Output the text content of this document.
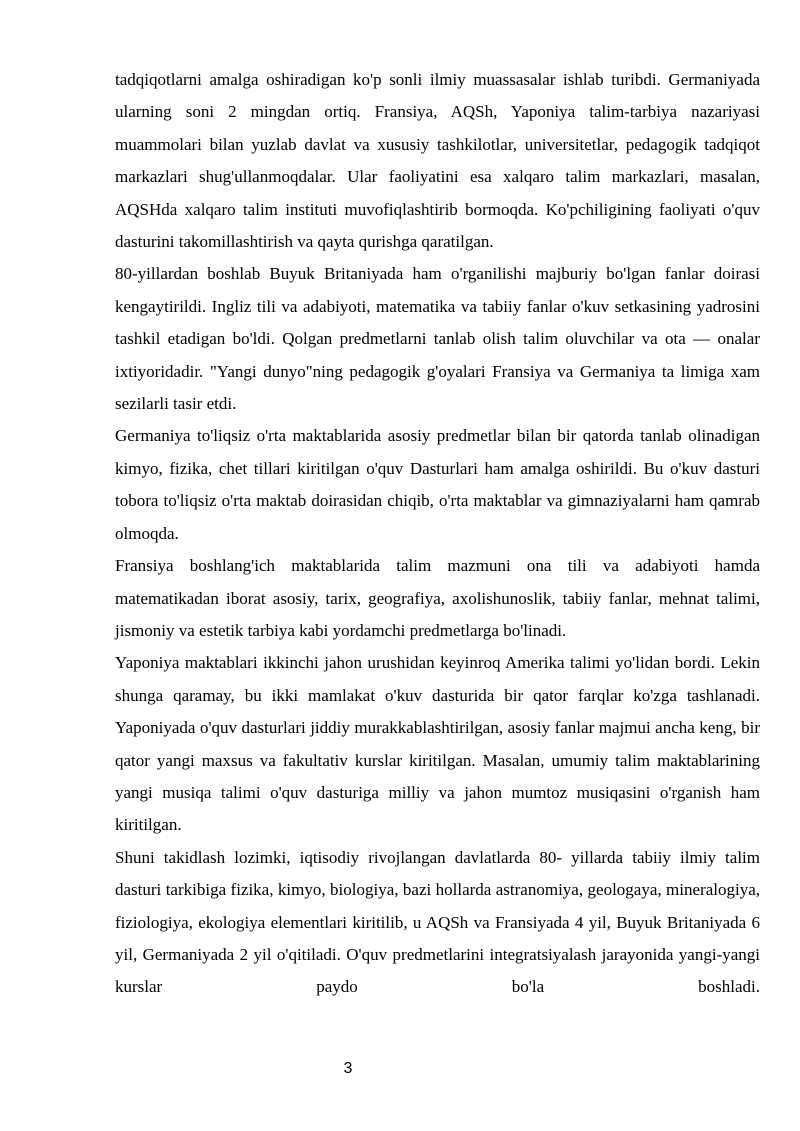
tadqiqotlarni amalga oshiradigan ko'p sonli ilmiy muassasalar ishlab turibdi. Germaniyada ularning soni 2 mingdan ortiq. Fransiya, AQSh, Yaponiya talim-tarbiya nazariyasi muammolari bilan yuzlab davlat va xususiy tashkilotlar, universitetlar, pedagogik tadqiqot markazlari shug'ullanmoqdalar. Ular faoliyatini esa xalqaro talim markazlari, masalan, AQSHda xalqaro talim instituti muvofiqlashtirib bormoqda. Ko'pchiligining faoliyati o'quv dasturini takomillashtirish va qayta qurishga qaratilgan.

80-yillardan boshlab Buyuk Britaniyada ham o'rganilishi majburiy bo'lgan fanlar doirasi kengaytirildi. Ingliz tili va adabiyoti, matematika va tabiiy fanlar o'kuv setkasining yadrosini tashkil etadigan bo'ldi. Qolgan predmetlarni tanlab olish talim oluvchilar va ota — onalar ixtiyoridadir. "Yangi dunyo"ning pedagogik g'oyalari Fransiya va Germaniya ta limiga xam sezilarli tasir etdi.

Germaniya to'liqsiz o'rta maktablarida asosiy predmetlar bilan bir qatorda tanlab olinadigan kimyo, fizika, chet tillari kiritilgan o'quv Dasturlari ham amalga oshirildi. Bu o'kuv dasturi tobora to'liqsiz o'rta maktab doirasidan chiqib, o'rta maktablar va gimnaziyalarni ham qamrab olmoqda.

Fransiya boshlang'ich maktablarida talim mazmuni ona tili va adabiyoti hamda matematikadan iborat asosiy, tarix, geografiya, axolishunoslik, tabiiy fanlar, mehnat talimi, jismoniy va estetik tarbiya kabi yordamchi predmetlarga bo'linadi.

Yaponiya maktablari ikkinchi jahon urushidan keyinroq Amerika talimi yo'lidan bordi. Lekin shunga qaramay, bu ikki mamlakat o'kuv dasturida bir qator farqlar ko'zga tashlanadi. Yaponiyada o'quv dasturlari jiddiy murakkablashtirilgan, asosiy fanlar majmui ancha keng, bir qator yangi maxsus va fakultativ kurslar kiritilgan. Masalan, umumiy talim maktablarining yangi musiqa talimi o'quv dasturiga milliy va jahon mumtoz musiqasini o'rganish ham kiritilgan.

Shuni takidlash lozimki, iqtisodiy rivojlangan davlatlarda 80- yillarda tabiiy ilmiy talim dasturi tarkibiga fizika, kimyo, biologiya, bazi hollarda astranomiya, geologaya, mineralogiya, fiziologiya, ekologiya elementlari kiritilib, u AQSh va Fransiyada 4 yil, Buyuk Britaniyada 6 yil, Germaniyada 2 yil o'qitiladi. O'quv predmetlarini integratsiyalash jarayonida yangi-yangi kurslar paydo bo'la boshladi.

3
